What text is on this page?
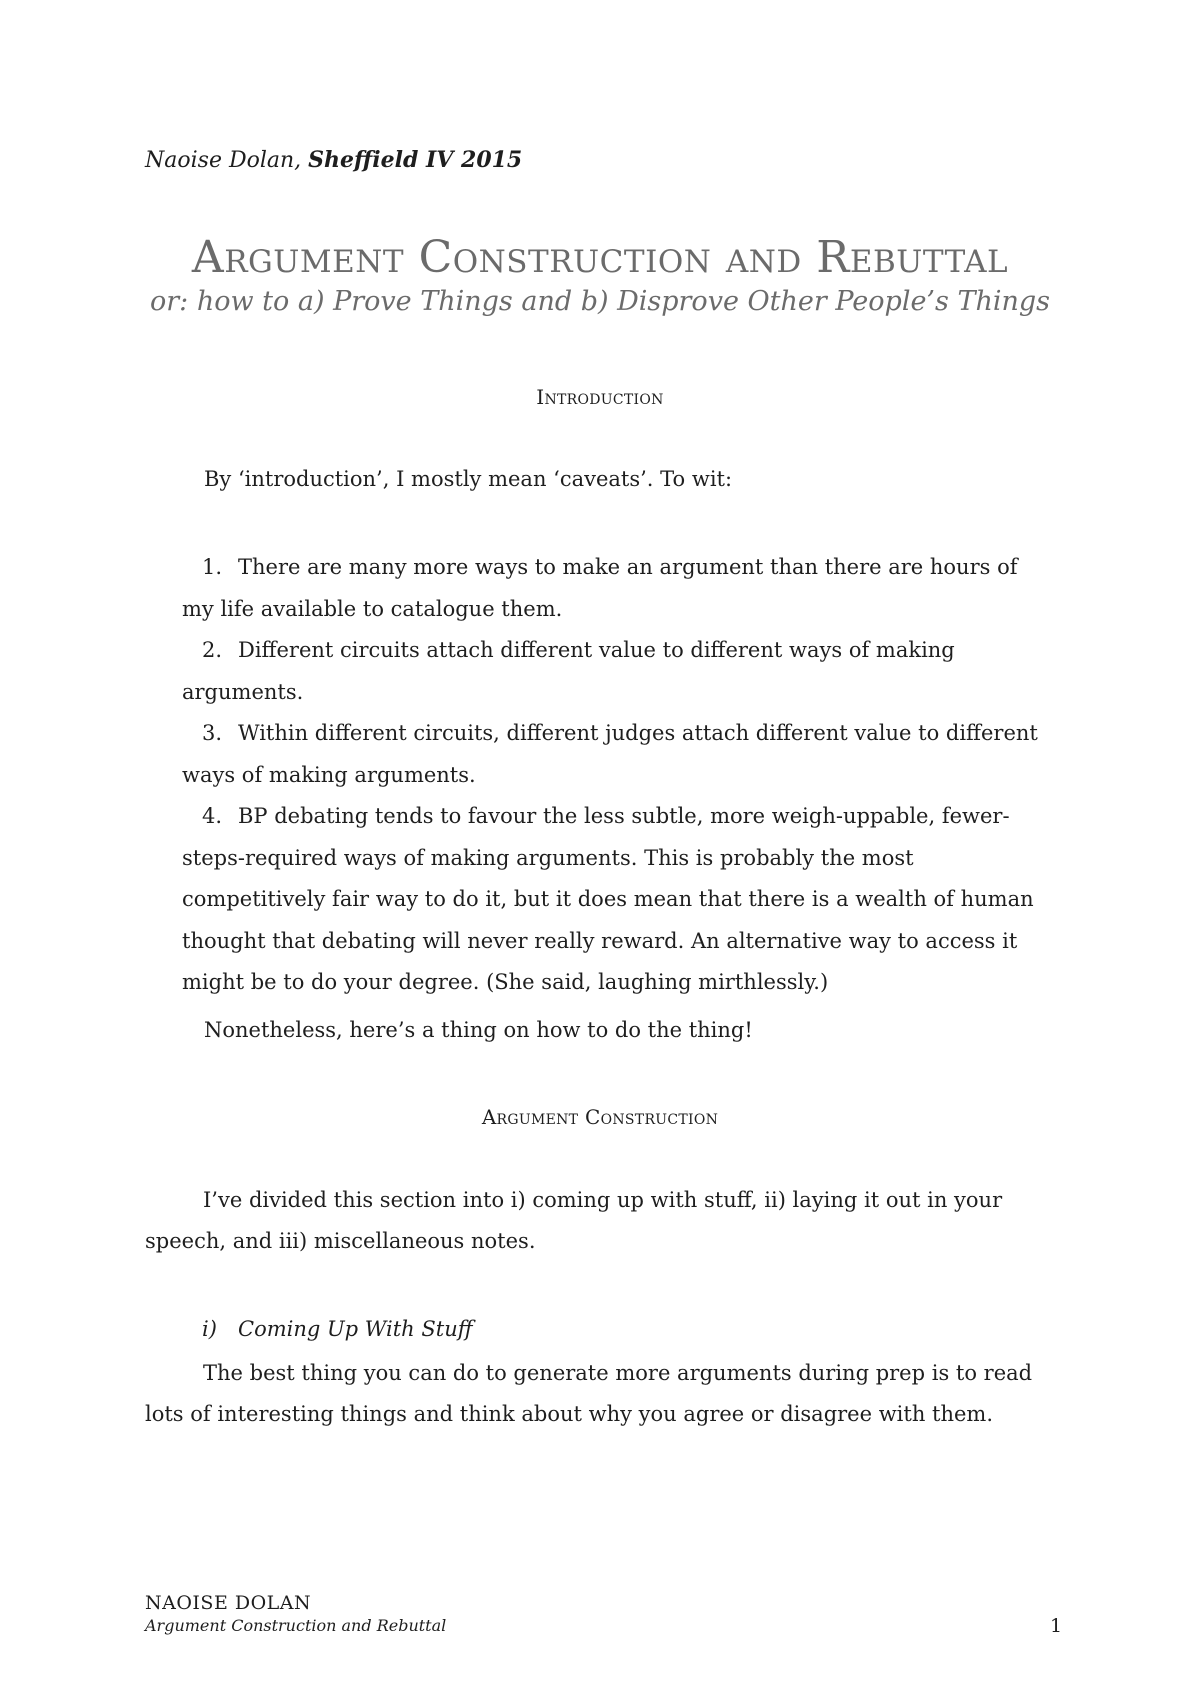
Naoise Dolan, Sheffield IV 2015
Argument Construction and Rebuttal
or: how to a) Prove Things and b) Disprove Other People’s Things
Introduction
By ‘introduction’, I mostly mean ‘caveats’. To wit:
1. There are many more ways to make an argument than there are hours of my life available to catalogue them.
2. Different circuits attach different value to different ways of making arguments.
3. Within different circuits, different judges attach different value to different ways of making arguments.
4. BP debating tends to favour the less subtle, more weigh-uppable, fewer-steps-required ways of making arguments. This is probably the most competitively fair way to do it, but it does mean that there is a wealth of human thought that debating will never really reward. An alternative way to access it might be to do your degree. (She said, laughing mirthlessly.)
Nonetheless, here’s a thing on how to do the thing!
Argument Construction
I’ve divided this section into i) coming up with stuff, ii) laying it out in your speech, and iii) miscellaneous notes.
i) Coming Up With Stuff
The best thing you can do to generate more arguments during prep is to read lots of interesting things and think about why you agree or disagree with them.
NAOISE DOLAN
Argument Construction and Rebuttal	1
